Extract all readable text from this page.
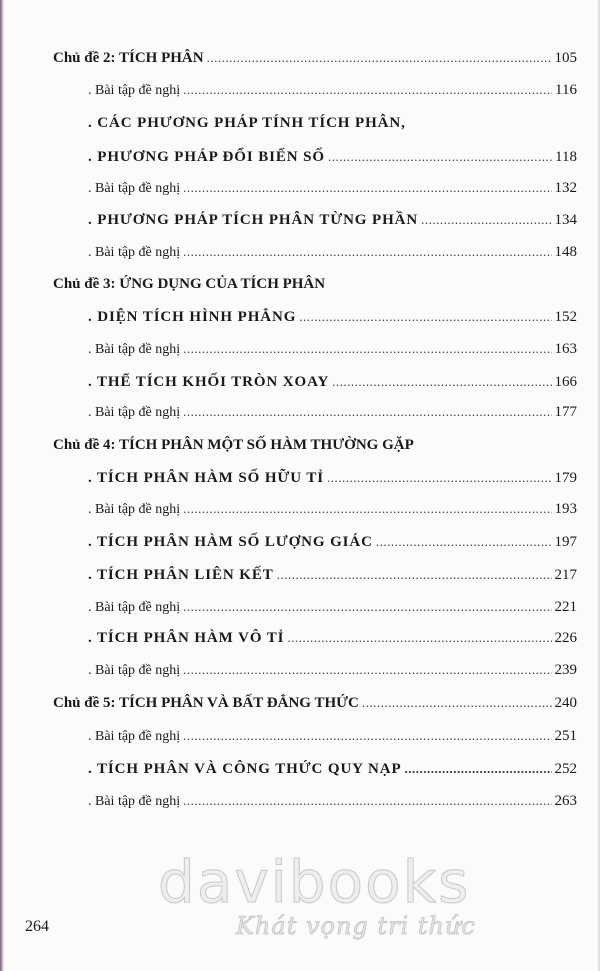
Chủ đề 2: TÍCH PHÂN .....	105
. Bài tập đề nghị .....	116
. CÁC PHƯƠNG PHÁP TÍNH TÍCH PHÂN,
. PHƯƠNG PHÁP ĐỔI BIẾN SỐ .....	118
. Bài tập đề nghị .....	132
. PHƯƠNG PHÁP TÍCH PHÂN TỪNG PHẦN .....	134
. Bài tập đề nghị .....	148
Chủ đề 3: ỨNG DỤNG CỦA TÍCH PHÂN
. DIỆN TÍCH HÌNH PHẲNG .....	152
. Bài tập đề nghị .....	163
. THỂ TÍCH KHỐI TRÒN XOAY .....	166
. Bài tập đề nghị .....	177
Chủ đề 4: TÍCH PHÂN MỘT SỐ HÀM THƯỜNG GẶP
. TÍCH PHÂN HÀM SỐ HỮU TỈ .....	179
. Bài tập đề nghị .....	193
. TÍCH PHÂN HÀM SỐ LƯỢNG GIÁC .....	197
. TÍCH PHÂN LIÊN KẾT .....	217
. Bài tập đề nghị .....	221
. TÍCH PHÂN HÀM VÔ TỈ .....	226
. Bài tập đề nghị .....	239
Chủ đề 5: TÍCH PHÂN VÀ BẤT ĐẲNG THỨC .....	240
. Bài tập đề nghị .....	251
. TÍCH PHÂN VÀ CÔNG THỨC QUY NẠP .....	252
. Bài tập đề nghị .....	263
davibooks
Khát vọng tri thức
264
